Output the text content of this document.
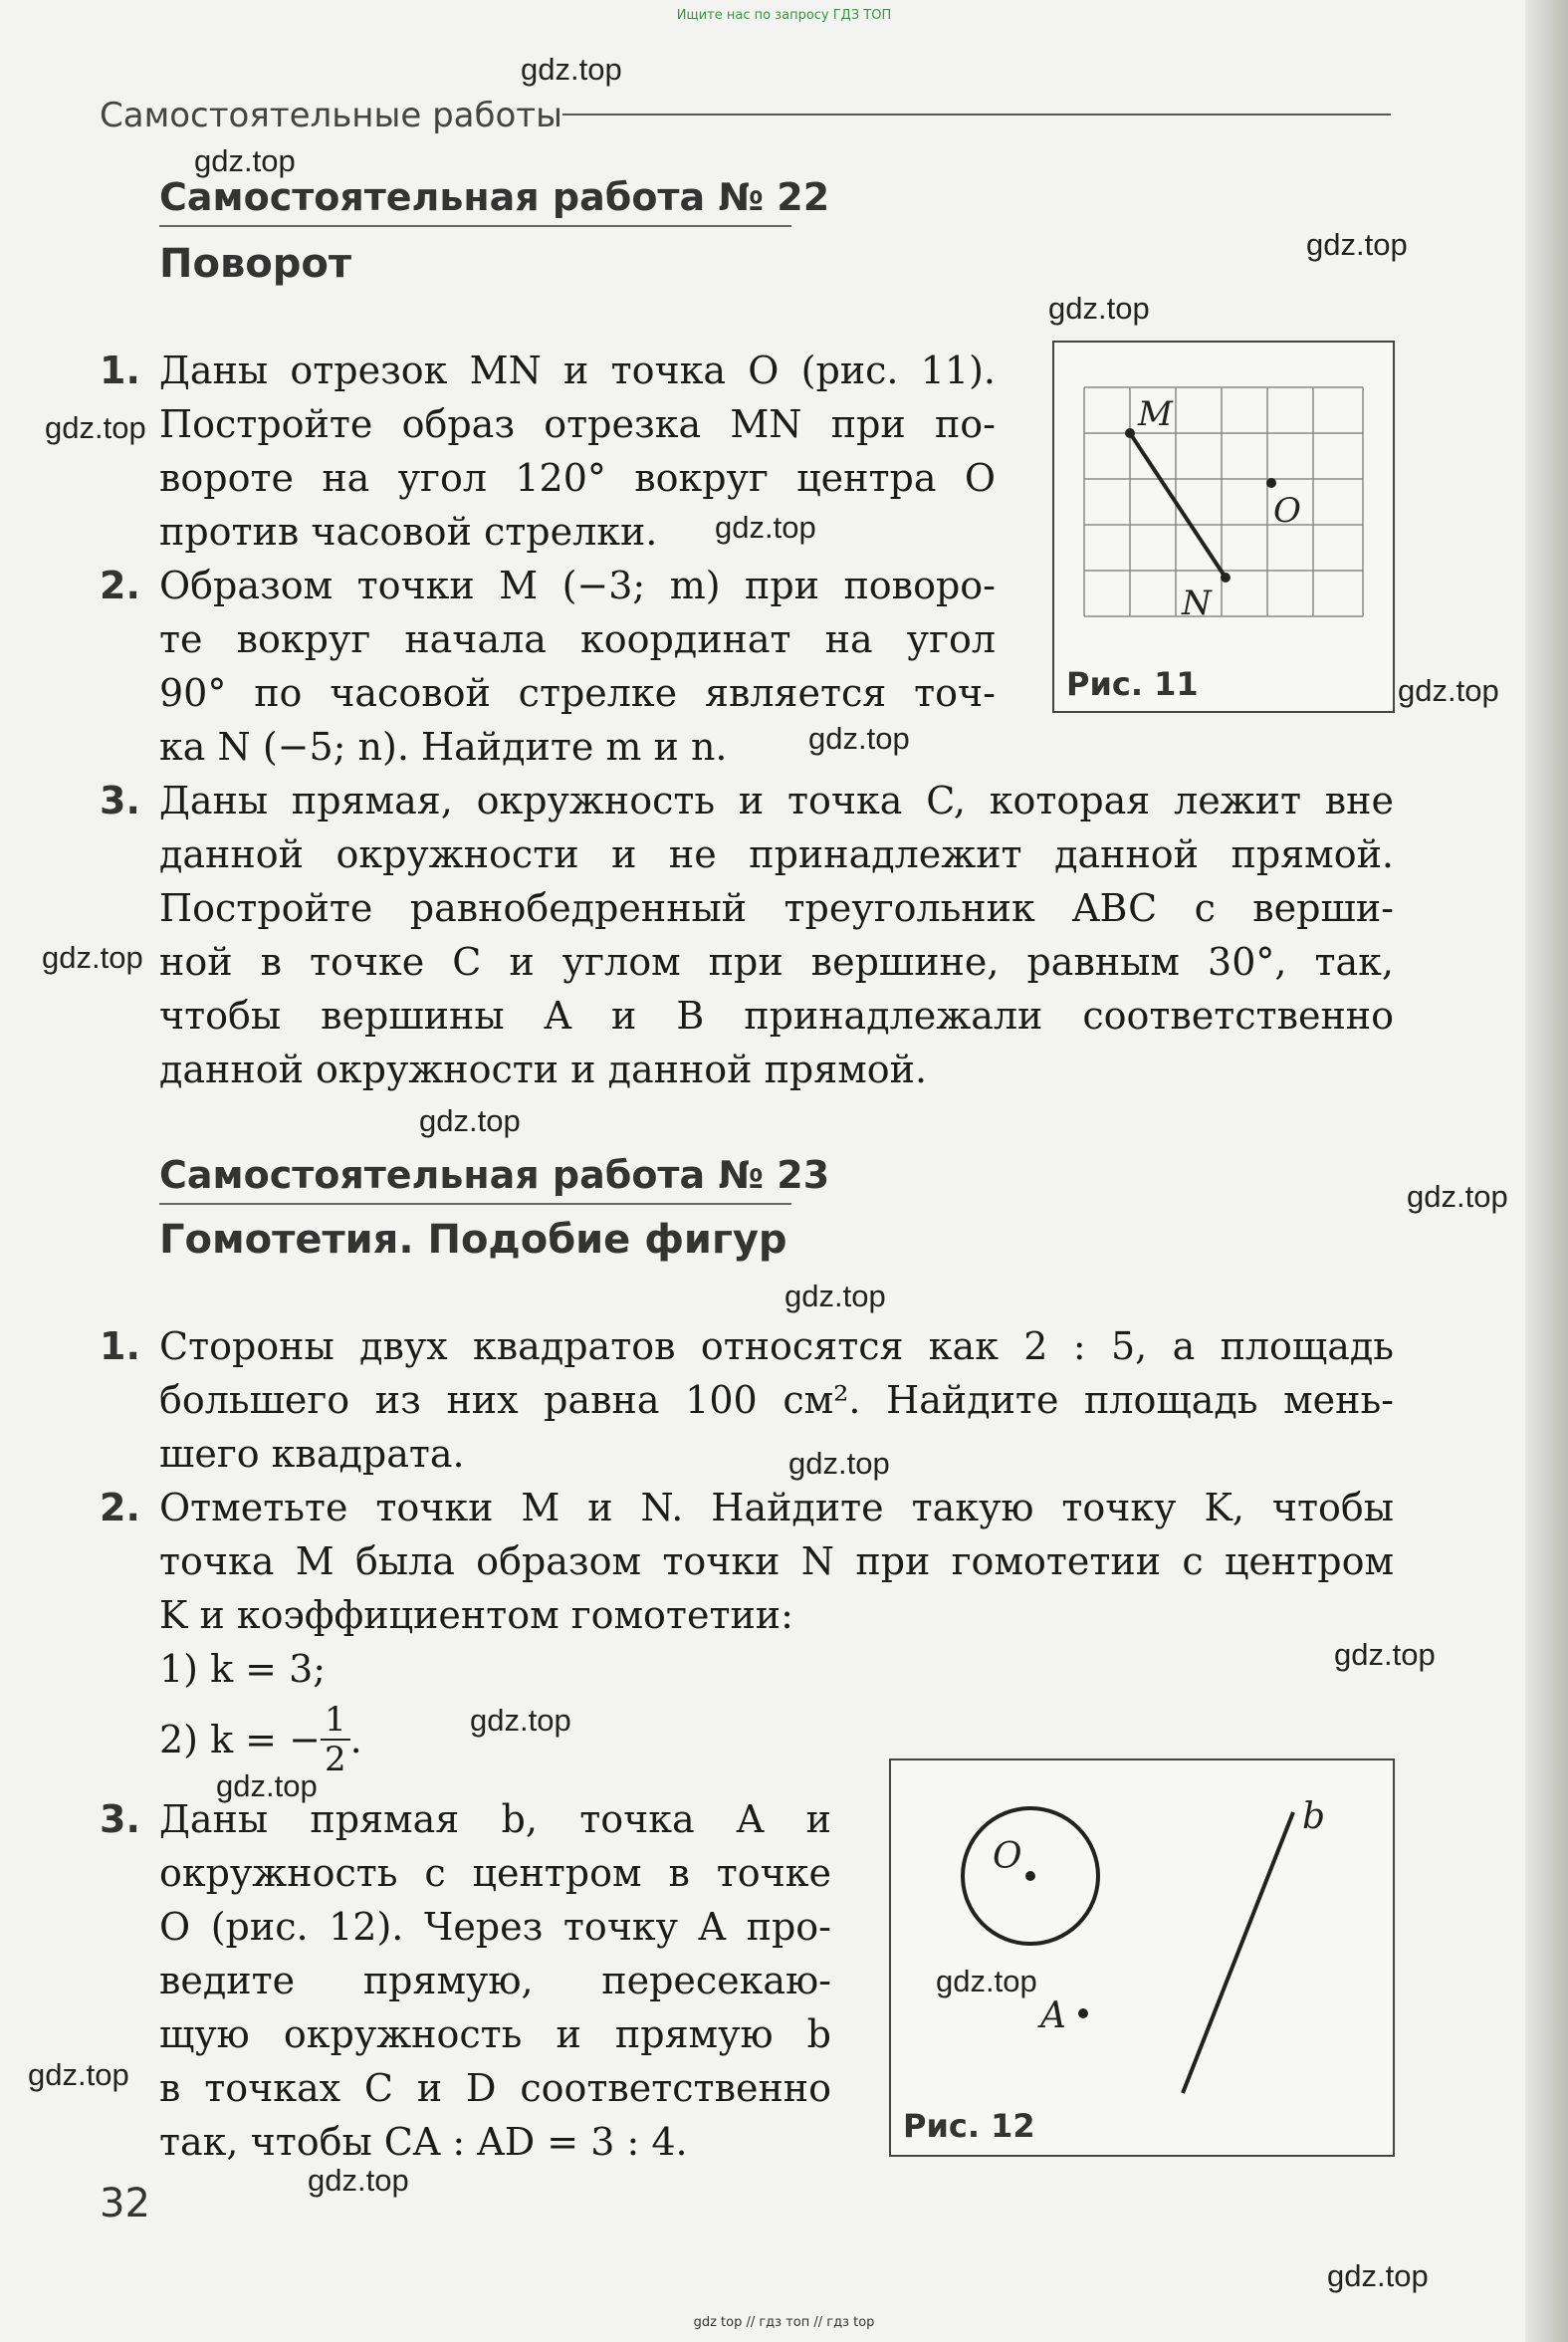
Ищите нас по запросу ГДЗ ТОП
Самостоятельные работы
Самостоятельная работа № 22
Поворот
1. Даны отрезок MN и точка O (рис. 11).
Постройте образ отрезка MN при по-
вороте на угол 120° вокруг центра O
против часовой стрелки.
2. Образом точки M (−3; m) при поворо-
те вокруг начала координат на угол
90° по часовой стрелке является точ-
ка N (−5; n). Найдите m и n.
3. Даны прямая, окружность и точка C, которая лежит вне
данной окружности и не принадлежит данной прямой.
Постройте равнобедренный треугольник ABC с верши-
ной в точке C и углом при вершине, равным 30°, так,
чтобы вершины A и B принадлежали соответственно
данной окружности и данной прямой.
M
O
N
Рис. 11
Самостоятельная работа № 23
Гомотетия. Подобие фигур
1. Стороны двух квадратов относятся как 2 : 5, а площадь
большего из них равна 100 см². Найдите площадь мень-
шего квадрата.
2. Отметьте точки M и N. Найдите такую точку K, чтобы
точка M была образом точки N при гомотетии с центром
K и коэффициентом гомотетии:
1) k = 3;
2) k = − $\frac{1}{2}$ .
3. Даны прямая b, точка A и
окружность с центром в точке
O (рис. 12). Через точку A про-
ведите прямую, пересекаю-
щую окружность и прямую b
в точках C и D соответственно
так, чтобы CA : AD = 3 : 4.
O
b
A
Рис. 12
32
gdz.top
gdz.top
gdz.top
gdz.top
gdz.top
gdz.top
gdz.top
gdz.top
gdz.top
gdz.top
gdz.top
gdz.top
gdz.top
gdz.top
gdz.top
gdz.top
gdz.top
gdz.top
gdz.top
gdz.top
gdz top // гдз топ // гдз top
